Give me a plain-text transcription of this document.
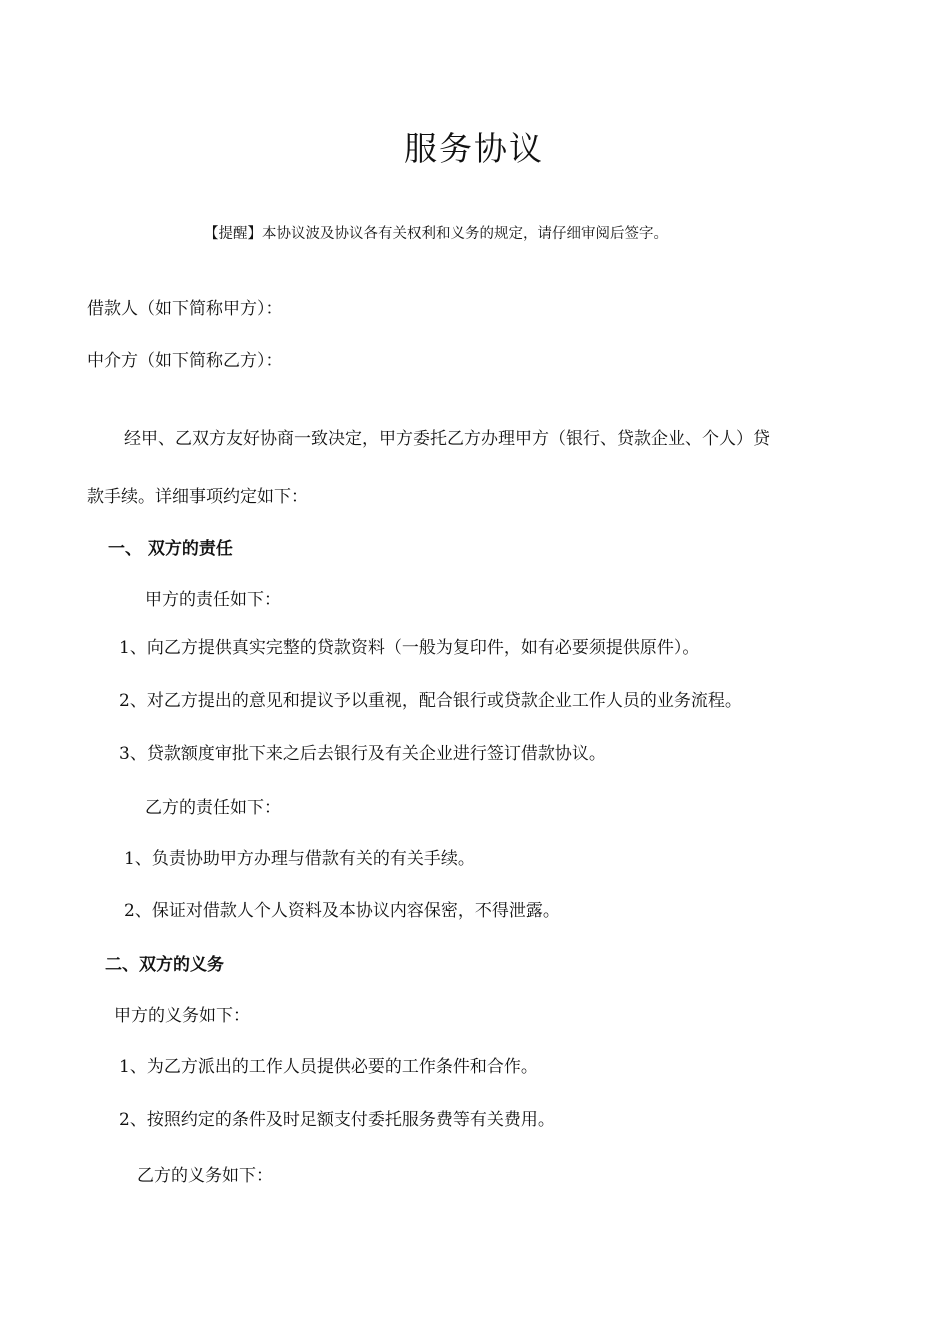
服务协议
【提醒】本协议波及协议各有关权利和义务的规定，请仔细审阅后签字。
借款人（如下简称甲方）：
中介方（如下简称乙方）：
经甲、乙双方友好协商一致决定，甲方委托乙方办理甲方（银行、贷款企业、个人）贷
款手续。详细事项约定如下：
一、 双方的责任
甲方的责任如下：
1、向乙方提供真实完整的贷款资料（一般为复印件，如有必要须提供原件）。
2、对乙方提出的意见和提议予以重视，配合银行或贷款企业工作人员的业务流程。
3、贷款额度审批下来之后去银行及有关企业进行签订借款协议。
乙方的责任如下：
1、负责协助甲方办理与借款有关的有关手续。
2、保证对借款人个人资料及本协议内容保密，不得泄露。
二、双方的义务
甲方的义务如下：
1、为乙方派出的工作人员提供必要的工作条件和合作。
2、按照约定的条件及时足额支付委托服务费等有关费用。
乙方的义务如下：
